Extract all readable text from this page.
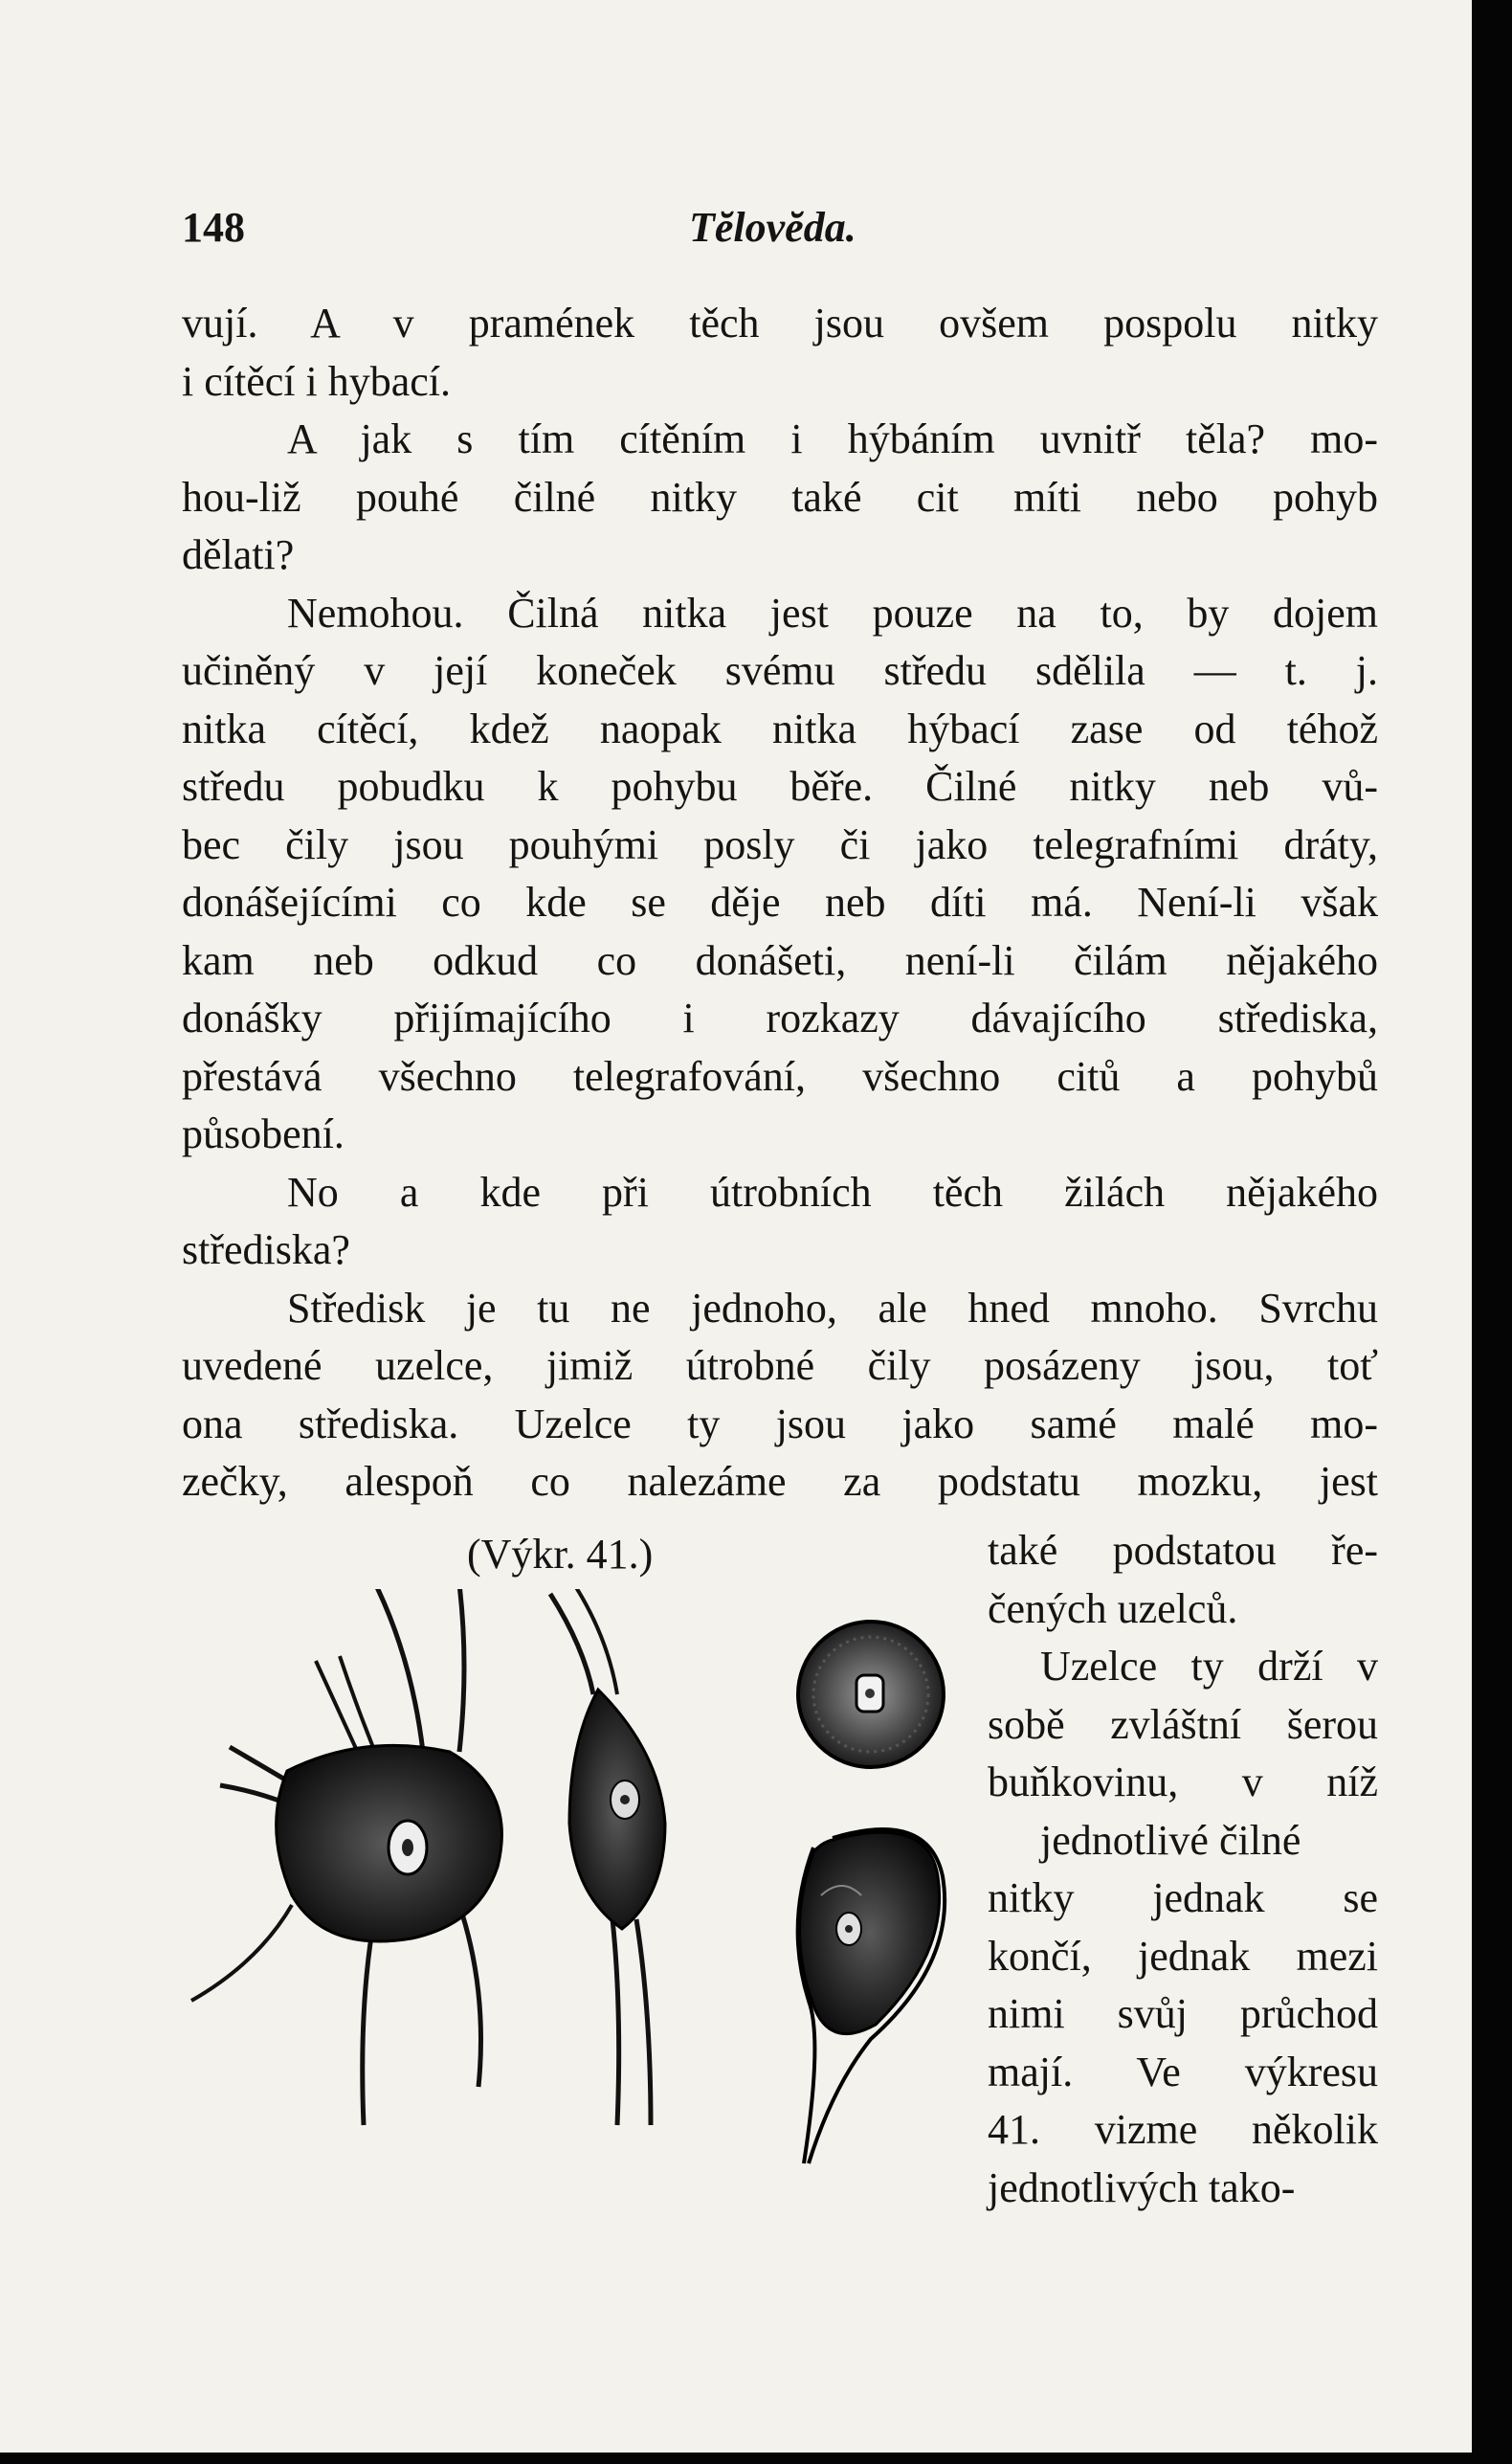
148	Tĕlovĕda.
vují. A v pramének těch jsou ovšem pospolu nitky
i cítěcí i hybací.
A jak s tím cítěním i hýbáním uvnitř těla? mo-
hou-liž pouhé čilné nitky také cit míti nebo pohyb
dělati?
Nemohou. Čilná nitka jest pouze na to, by dojem
učiněný v její koneček svému středu sdělila — t. j.
nitka cítěcí, kdež naopak nitka hýbací zase od téhož
středu pobudku k pohybu běře. Čilné nitky neb vů-
bec čily jsou pouhými posly či jako telegrafními dráty,
donášejícími co kde se děje neb díti má. Není-li však
kam neb odkud co donášeti, není-li čilám nějakého
donášky přijímajícího i rozkazy dávajícího střediska,
přestává všechno telegrafování, všechno citů a pohybů
působení.
No a kde při útrobních těch žilách nějakého
střediska?
Středisk je tu ne jednoho, ale hned mnoho. Svrchu
uvedené uzelce, jimiž útrobné čily posázeny jsou, toť
ona střediska. Uzelce ty jsou jako samé malé mo-
zečky, alespoň co nalezáme za podstatu mozku, jest
(Výkr. 41.)	také podstatou ře-
čených uzelců.
Uzelce ty drží v
sobě zvláštní šerou
buňkovinu, v níž
jednotlivé čilné
nitky jednak se
končí, jednak mezi
nimi svůj průchod
mají. Ve výkresu
41. vizme několik
jednotlivých tako-
